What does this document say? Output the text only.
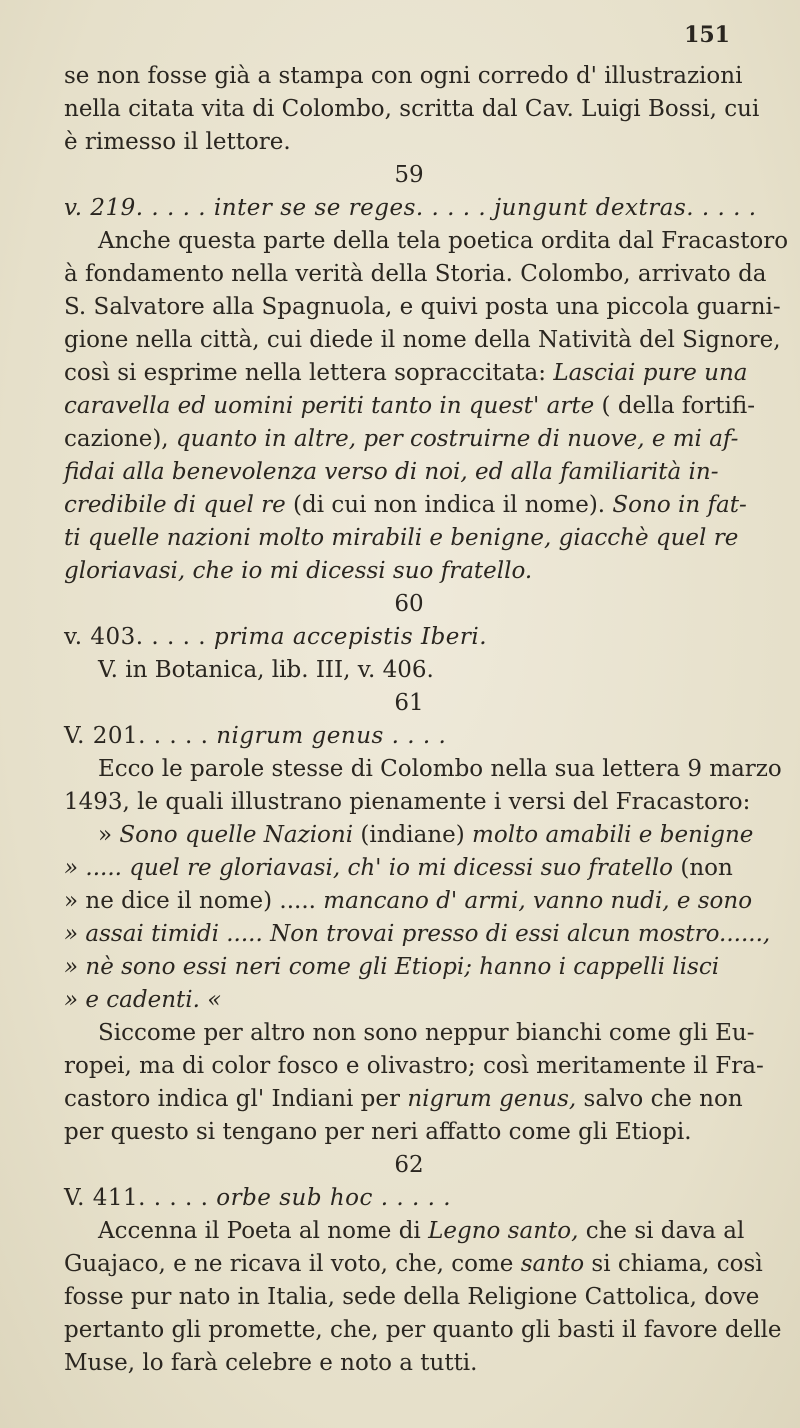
151
se non fosse già a stampa con ogni corredo d' illustrazioni
nella citata vita di Colombo, scritta dal Cav. Luigi Bossi, cui
è rimesso il lettore.
59
v. 219. . . . . inter se se reges. . . . . jungunt dextras. . . . .
Anche questa parte della tela poetica ordita dal Fracastoro
à fondamento nella verità della Storia. Colombo, arrivato da
S. Salvatore alla Spagnuola, e quivi posta una piccola guarni-
gione nella città, cui diede il nome della Natività del Signore,
così si esprime nella lettera sopraccitata: Lasciai pure una
caravella ed uomini periti tanto in quest' arte ( della fortifi-
cazione), quanto in altre, per costruirne di nuove, e mi af-
fidai alla benevolenza verso di noi, ed alla familiarità in-
credibile di quel re (di cui non indica il nome). Sono in fat-
ti quelle nazioni molto mirabili e benigne, giacchè quel re
gloriavasi, che io mi dicessi suo fratello.
60
v. 403. . . . . prima accepistis Iberi.
V. in Botanica, lib. III, v. 406.
61
V. 201. . . . . nigrum genus . . . .
Ecco le parole stesse di Colombo nella sua lettera 9 marzo
1493, le quali illustrano pienamente i versi del Fracastoro:
» Sono quelle Nazioni (indiane) molto amabili e benigne
» ..... quel re gloriavasi, ch' io mi dicessi suo fratello (non
» ne dice il nome) ..... mancano d' armi, vanno nudi, e sono
» assai timidi ..... Non trovai presso di essi alcun mostro......,
» nè sono essi neri come gli Etiopi; hanno i cappelli lisci
» e cadenti. «
Siccome per altro non sono neppur bianchi come gli Eu-
ropei, ma di color fosco e olivastro; così meritamente il Fra-
castoro indica gl' Indiani per nigrum genus, salvo che non
per questo si tengano per neri affatto come gli Etiopi.
62
V. 411. . . . . orbe sub hoc . . . . .
Accenna il Poeta al nome di Legno santo, che si dava al
Guajaco, e ne ricava il voto, che, come santo si chiama, così
fosse pur nato in Italia, sede della Religione Cattolica, dove
pertanto gli promette, che, per quanto gli basti il favore delle
Muse, lo farà celebre e noto a tutti.
